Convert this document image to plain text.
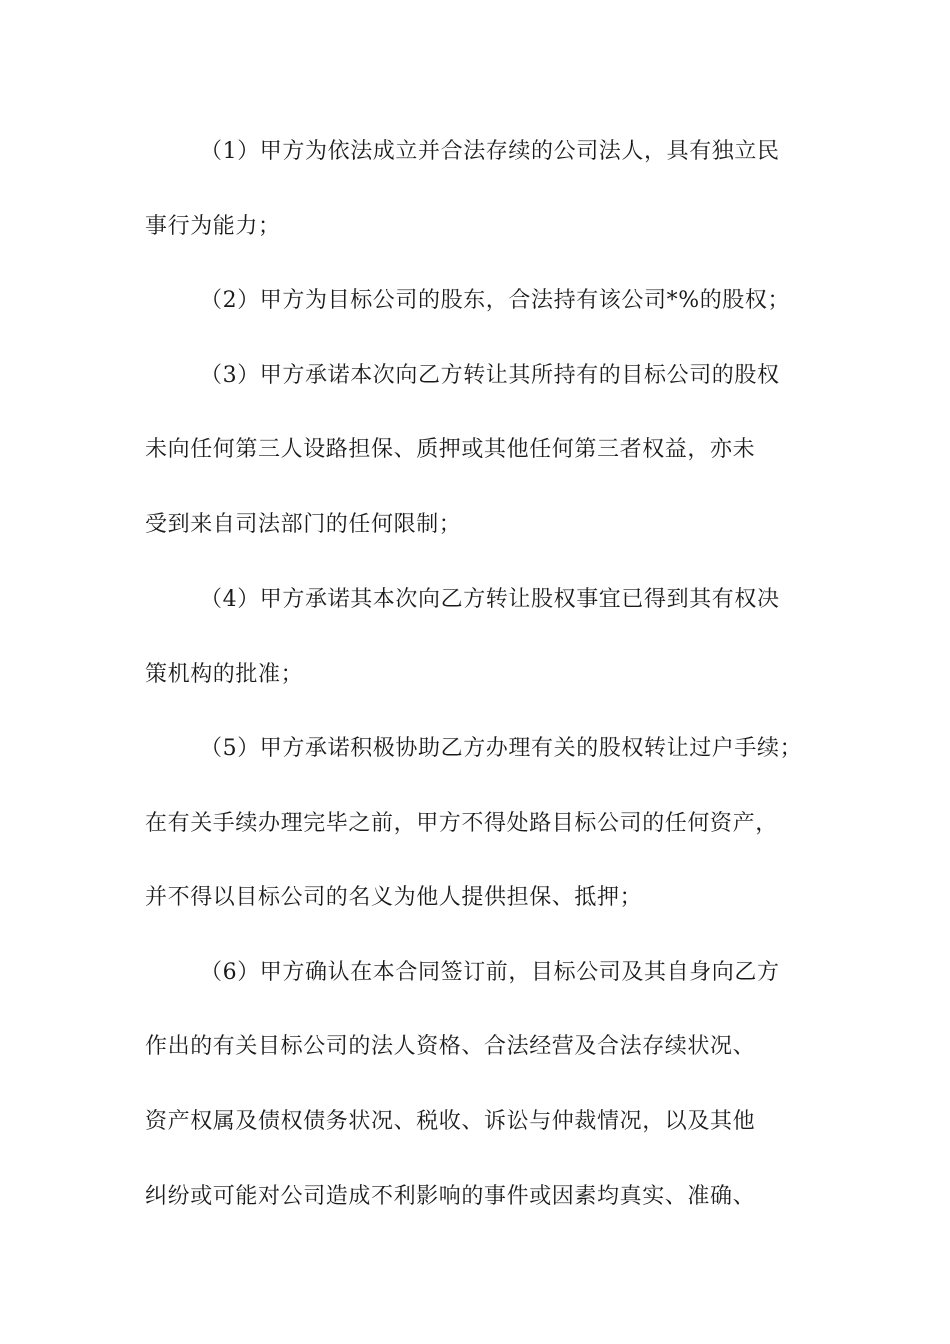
（1）甲方为依法成立并合法存续的公司法人，具有独立民
事行为能力；
（2）甲方为目标公司的股东，合法持有该公司*%的股权；
（3）甲方承诺本次向乙方转让其所持有的目标公司的股权
未向任何第三人设路担保、质押或其他任何第三者权益，亦未
受到来自司法部门的任何限制；
（4）甲方承诺其本次向乙方转让股权事宜已得到其有权决
策机构的批准；
（5）甲方承诺积极协助乙方办理有关的股权转让过户手续；
在有关手续办理完毕之前，甲方不得处路目标公司的任何资产，
并不得以目标公司的名义为他人提供担保、抵押；
（6）甲方确认在本合同签订前，目标公司及其自身向乙方
作出的有关目标公司的法人资格、合法经营及合法存续状况、
资产权属及债权债务状况、税收、诉讼与仲裁情况，以及其他
纠纷或可能对公司造成不利影响的事件或因素均真实、准确、
